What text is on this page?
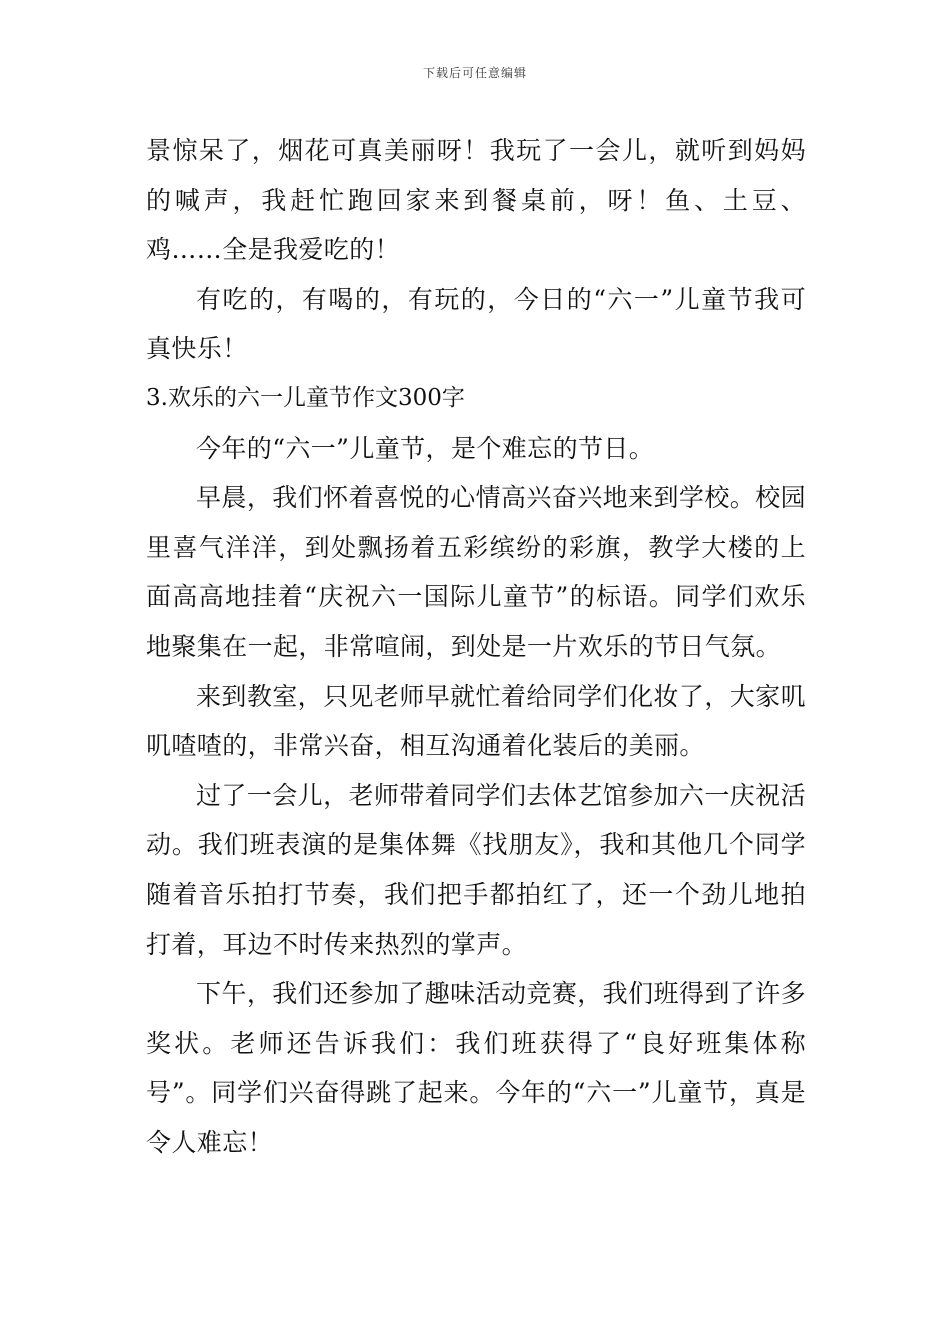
下载后可任意编辑

景惊呆了，烟花可真美丽呀！我玩了一会儿，就听到妈妈的喊声，我赶忙跑回家来到餐桌前，呀！鱼、土豆、鸡……全是我爱吃的！

有吃的，有喝的，有玩的，今日的“六一”儿童节我可真快乐！

3.欢乐的六一儿童节作文300字

今年的“六一”儿童节，是个难忘的节日。

早晨，我们怀着喜悦的心情高兴奋兴地来到学校。校园里喜气洋洋，到处飘扬着五彩缤纷的彩旗，教学大楼的上面高高地挂着“庆祝六一国际儿童节”的标语。同学们欢乐地聚集在一起，非常喧闹，到处是一片欢乐的节日气氛。

来到教室，只见老师早就忙着给同学们化妆了，大家叽叽喳喳的，非常兴奋，相互沟通着化装后的美丽。

过了一会儿，老师带着同学们去体艺馆参加六一庆祝活动。我们班表演的是集体舞《找朋友》，我和其他几个同学随着音乐拍打节奏，我们把手都拍红了，还一个劲儿地拍打着，耳边不时传来热烈的掌声。

下午，我们还参加了趣味活动竞赛，我们班得到了许多奖状。老师还告诉我们：我们班获得了“良好班集体称号”。同学们兴奋得跳了起来。今年的“六一”儿童节，真是令人难忘！
